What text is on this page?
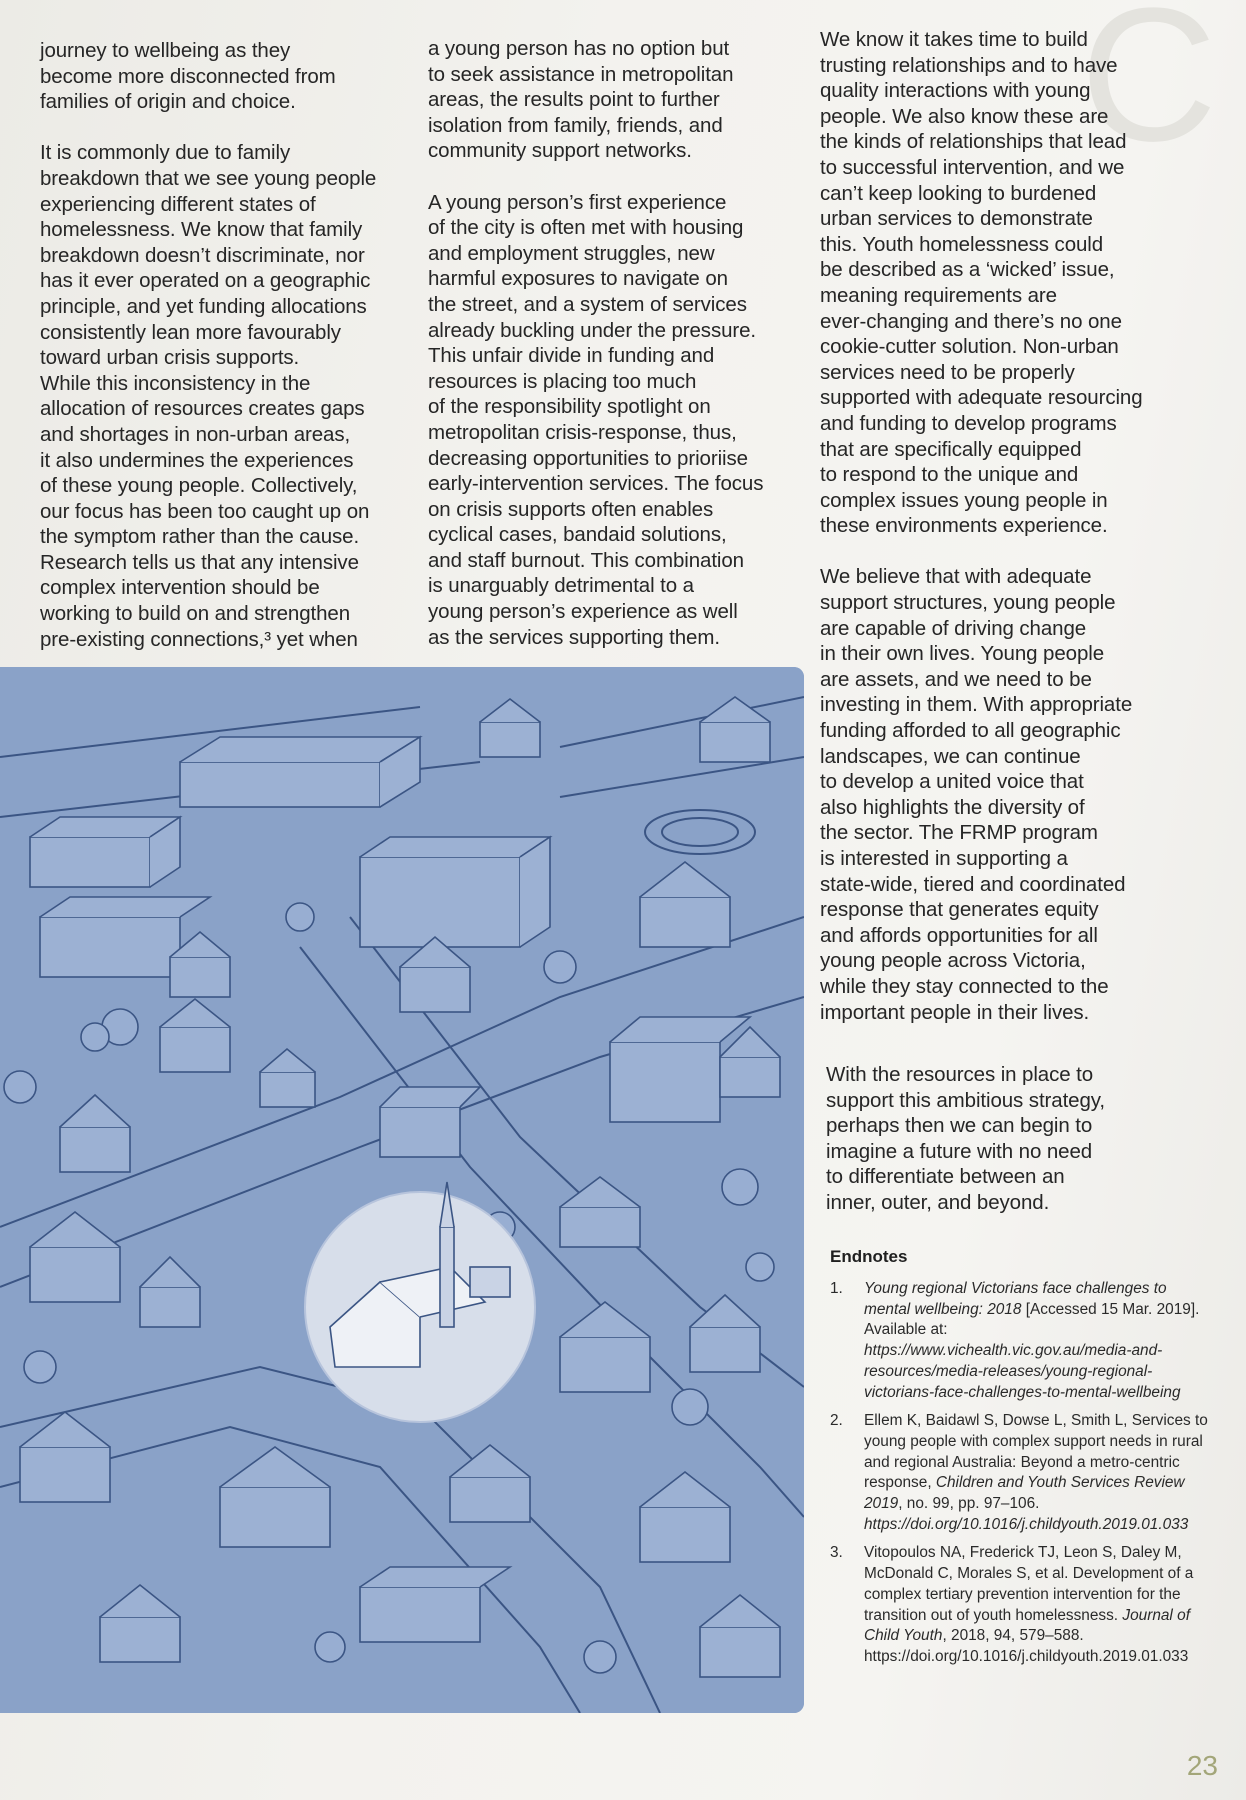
C

journey to wellbeing as they
become more disconnected from
families of origin and choice.

It is commonly due to family
breakdown that we see young people
experiencing different states of
homelessness. We know that family
breakdown doesn’t discriminate, nor
has it ever operated on a geographic
principle, and yet funding allocations
consistently lean more favourably
toward urban crisis supports.
While this inconsistency in the
allocation of resources creates gaps
and shortages in non-urban areas,
it also undermines the experiences
of these young people. Collectively,
our focus has been too caught up on
the symptom rather than the cause.
Research tells us that any intensive
complex intervention should be
working to build on and strengthen
pre-existing connections,³ yet when

a young person has no option but
to seek assistance in metropolitan
areas, the results point to further
isolation from family, friends, and
community support networks.

A young person’s first experience
of the city is often met with housing
and employment struggles, new
harmful exposures to navigate on
the street, and a system of services
already buckling under the pressure.
This unfair divide in funding and
resources is placing too much
of the responsibility spotlight on
metropolitan crisis-response, thus,
decreasing opportunities to prioriise
early-intervention services. The focus
on crisis supports often enables
cyclical cases, bandaid solutions,
and staff burnout. This combination
is unarguably detrimental to a
young person’s experience as well
as the services supporting them.

We know it takes time to build
trusting relationships and to have
quality interactions with young
people. We also know these are
the kinds of relationships that lead
to successful intervention, and we
can’t keep looking to burdened
urban services to demonstrate
this. Youth homelessness could
be described as a ‘wicked’ issue,
meaning requirements are
ever-changing and there’s no one
cookie-cutter solution. Non-urban
services need to be properly
supported with adequate resourcing
and funding to develop programs
that are specifically equipped
to respond to the unique and
complex issues young people in
these environments experience.

We believe that with adequate
support structures, young people
are capable of driving change
in their own lives. Young people
are assets, and we need to be
investing in them. With appropriate
funding afforded to all geographic
landscapes, we can continue
to develop a united voice that
also highlights the diversity of
the sector. The FRMP program
is interested in supporting a
state-wide, tiered and coordinated
response that generates equity
and affords opportunities for all
young people across Victoria,
while they stay connected to the
important people in their lives.

With the resources in place to
support this ambitious strategy,
perhaps then we can begin to
imagine a future with no need
to differentiate between an
inner, outer, and beyond.

Endnotes
1. Young regional Victorians face challenges to mental wellbeing: 2018 [Accessed 15 Mar. 2019]. Available at: https://www.vichealth.vic.gov.au/media-and-resources/media-releases/young-regional-victorians-face-challenges-to-mental-wellbeing
2. Ellem K, Baidawl S, Dowse L, Smith L, Services to young people with complex support needs in rural and regional Australia: Beyond a metro-centric response, Children and Youth Services Review 2019, no. 99, pp. 97–106. https://doi.org/10.1016/j.childyouth.2019.01.033
3. Vitopoulos NA, Frederick TJ, Leon S, Daley M, McDonald C, Morales S, et al. Development of a complex tertiary prevention intervention for the transition out of youth homelessness. Journal of Child Youth, 2018, 94, 579–588. https://doi.org/10.1016/j.childyouth.2019.01.033
23
